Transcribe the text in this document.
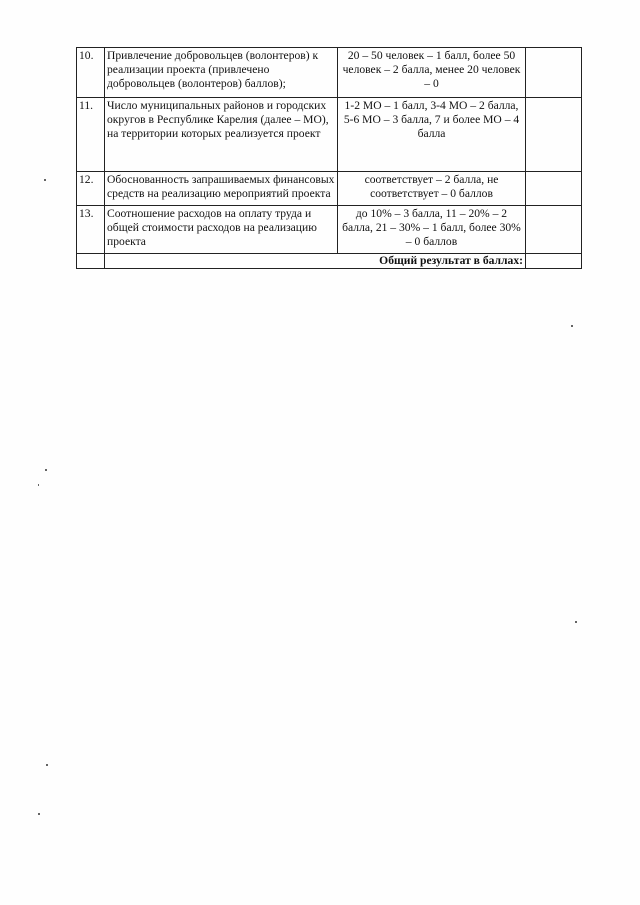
10.	Привлечение добровольцев (волонтеров) к реализации проекта (привлечено добровольцев (волонтеров) баллов);	20 – 50 человек – 1 балл, более 50 человек – 2 балла, менее 20 человек – 0	
11.	Число муниципальных районов и городских округов в Республике Карелия (далее – МО), на территории которых реализуется проект	1-2 МО – 1 балл, 3-4 МО – 2 балла, 5-6 МО – 3 балла, 7 и более МО – 4 балла	
12.	Обоснованность запрашиваемых финансовых средств на реализацию мероприятий проекта	соответствует – 2 балла, не соответствует – 0 баллов	
13.	Соотношение расходов на оплату труда и общей стоимости расходов на реализацию проекта	до 10% – 3 балла, 11 – 20% – 2 балла, 21 – 30% – 1 балл, более 30% – 0 баллов	
	Общий результат в баллах:		
